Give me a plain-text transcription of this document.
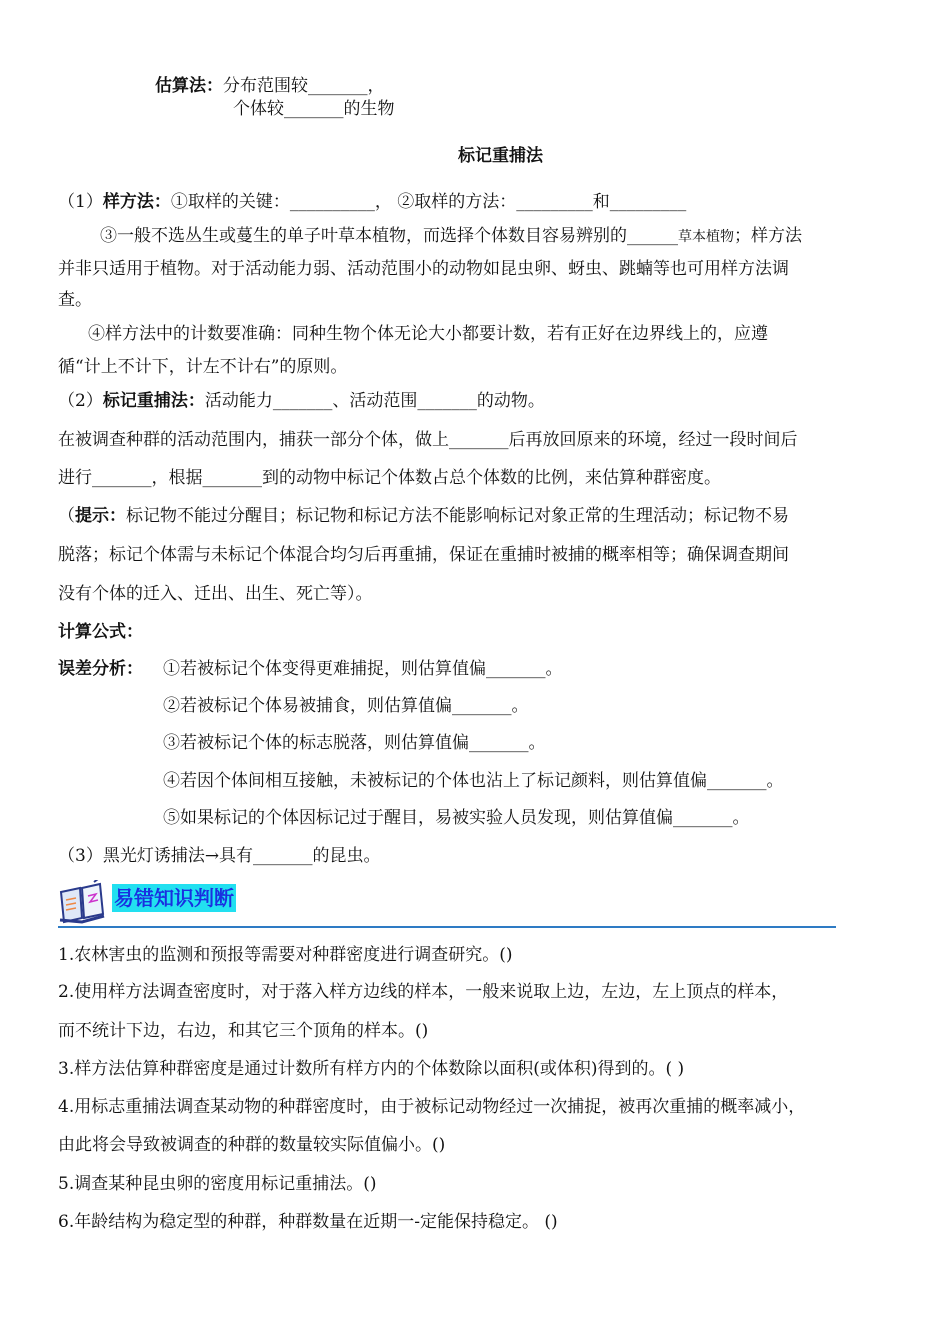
估算法：分布范围较_______，
个体较_______的生物
标记重捕法
（1）样方法：①取样的关键：__________， ②取样的方法：_________和_________
③一般不选丛生或蔓生的单子叶草本植物，而选择个体数目容易辨别的______草本植物；样方法
并非只适用于植物。对于活动能力弱、活动范围小的动物如昆虫卵、蚜虫、跳蝻等也可用样方法调
查。
④样方法中的计数要准确：同种生物个体无论大小都要计数，若有正好在边界线上的，应遵
循“计上不计下，计左不计右”的原则。
（2）标记重捕法：活动能力_______、活动范围_______的动物。
在被调查种群的活动范围内，捕获一部分个体，做上_______后再放回原来的环境，经过一段时间后
进行_______，根据_______到的动物中标记个体数占总个体数的比例，来估算种群密度。
（提示：标记物不能过分醒目；标记物和标记方法不能影响标记对象正常的生理活动；标记物不易
脱落；标记个体需与未标记个体混合均匀后再重捕，保证在重捕时被捕的概率相等；确保调查期间
没有个体的迁入、迁出、出生、死亡等）。
计算公式：
误差分析： ①若被标记个体变得更难捕捉，则估算值偏_______。
②若被标记个体易被捕食，则估算值偏_______。
③若被标记个体的标志脱落，则估算值偏_______。
④若因个体间相互接触，未被标记的个体也沾上了标记颜料，则估算值偏_______。
⑤如果标记的个体因标记过于醒目，易被实验人员发现，则估算值偏_______。
（3）黑光灯诱捕法→具有_______的昆虫。
易错知识判断
1.农林害虫的监测和预报等需要对种群密度进行调查研究。()
2.使用样方法调查密度时，对于落入样方边线的样本，一般来说取上边，左边，左上顶点的样本，
而不统计下边，右边，和其它三个顶角的样本。()
3.样方法估算种群密度是通过计数所有样方内的个体数除以面积(或体积)得到的。( )
4.用标志重捕法调查某动物的种群密度时，由于被标记动物经过一次捕捉，被再次重捕的概率减小，
由此将会导致被调查的种群的数量较实际值偏小。()
5.调查某种昆虫卵的密度用标记重捕法。()
6.年龄结构为稳定型的种群，种群数量在近期一-定能保持稳定。 ()
